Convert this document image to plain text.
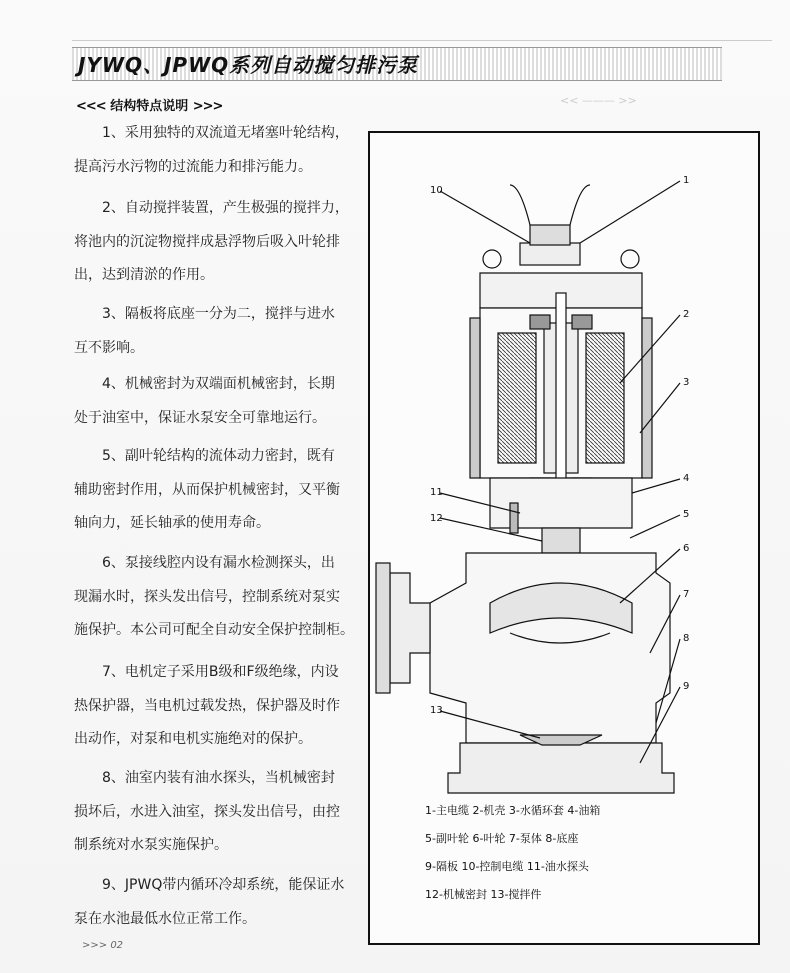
JYWQ、JPWQ系列自动搅匀排污泵
<<< 结构特点说明 >>>	<< ——— >>

1、采用独特的双流道无堵塞叶轮结构，

提高污水污物的过流能力和排污能力。

2、自动搅拌装置，产生极强的搅拌力，

将池内的沉淀物搅拌成悬浮物后吸入叶轮排

出，达到清淤的作用。

3、隔板将底座一分为二，搅拌与进水

互不影响。

4、机械密封为双端面机械密封，长期

处于油室中，保证水泵安全可靠地运行。

5、副叶轮结构的流体动力密封，既有

辅助密封作用，从而保护机械密封，又平衡

轴向力，延长轴承的使用寿命。

6、泵接线腔内设有漏水检测探头，出

现漏水时，探头发出信号，控制系统对泵实

施保护。本公司可配全自动安全保护控制柜。

7、电机定子采用B级和F级绝缘，内设

热保护器，当电机过载发热，保护器及时作

出动作，对泵和电机实施绝对的保护。

8、油室内装有油水探头，当机械密封

损坏后，水进入油室，探头发出信号，由控

制系统对水泵实施保护。

9、JPWQ带内循环冷却系统，能保证水

泵在水池最低水位正常工作。

1
2
3
4
5
6
7
8
9
10
11
12
13
1-主电缆 2-机壳 3-水循环套 4-油箱
5-副叶轮 6-叶轮 7-泵体 8-底座
9-隔板 10-控制电缆 11-油水探头
12-机械密封 13-搅拌件
>>> 02
